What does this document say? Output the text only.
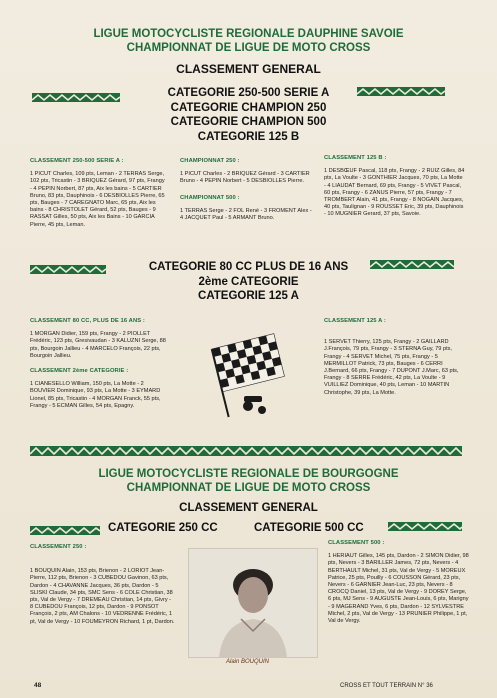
LIGUE MOTOCYCLISTE REGIONALE DAUPHINE SAVOIE
CHAMPIONNAT DE LIGUE DE MOTO CROSS
CLASSEMENT GENERAL
CATEGORIE 250-500 SERIE A
CATEGORIE CHAMPION 250
CATEGORIE CHAMPION 500
CATEGORIE 125 B
CLASSEMENT 250-500 SERIE A :

1 PICUT Charles, 109 pts, Leman - 2 TERRAS Serge, 102 pts, Tricastin - 3 BRIQUEZ Gérard, 97 pts, Frangy - 4 PEPIN Norbert, 87 pts, Aix les bains - 5 CARTIER Bruno, 83 pts, Dauphinois - 6 DESBIOLLES Pierre, 65 pts, Bauges - 7 CAREGNATO Marc, 65 pts, Aix les bains - 8 CHRISTOLET Gérard, 52 pts, Bauges - 9 RASSAT Gilles, 50 pts, Aix les Bains - 10 GARCIA Pierre, 45 pts, Leman.

CHAMPIONNAT 250 :

1 PICUT Charles - 2 BRIQUEZ Gérard - 3 CARTIER Bruno - 4 PEPIN Norbert - 5 DESBIOLLES Pierre.

CHAMPIONNAT 500 :

1 TERRAS Serge - 2 FOL René - 3 FROMENT Alex - 4 JACQUET Paul - 5 ARMANT Bruno.

CLASSEMENT 125 B :

1 DESBŒUF Pascal, 118 pts, Frangy - 2 RUIZ Gilles, 84 pts, La Voulte - 3 GONTHIER Jacques, 70 pts, La Motte - 4 LIAUDAT Bernard, 69 pts, Frangy - 5 VIVET Pascal, 60 pts, Frangy - 6 ZANUS Pierre, 57 pts, Frangy - 7 TROMBERT Alain, 41 pts, Frangy - 8 NOGAIN Jacques, 40 pts, Taulignan - 9 ROUSSET Eric, 39 pts, Dauphinois - 10 MUGNIER Gerard, 37 pts, Savoie.

CATEGORIE 80 CC PLUS DE 16 ANS
2ème CATEGORIE
CATEGORIE 125 A
CLASSEMENT 80 CC, PLUS DE 16 ANS :

1 MORGAN Didier, 159 pts, Frangy - 2 PIOLLET Frédéric, 123 pts, Gresivaudan - 3 KALUZNI Serge, 88 pts, Bourgoin Jallieu - 4 MARCELO François, 22 pts, Bourgoin Jallieu.

CLASSEMENT 2ème CATEGORIE :

1 CIANESELLO William, 150 pts, La Motte - 2 BOUVIER Dominique, 93 pts, La Motte - 3 EYMARD Lionel, 85 pts, Tricastin - 4 MORGAN Franck, 55 pts, Frangy - 5 ECMAN Gilles, 54 pts, Epagny.

CLASSEMENT 125 A :

1 SERVET Thierry, 125 pts, Frangy - 2 GAILLARD J.François, 79 pts, Frangy - 3 STERNA Guy, 79 pts, Frangy - 4 SERVET Michel, 75 pts, Frangy - 5 MERMILLOT Patrick, 73 pts, Bauges - 6 CERRI J.Bernard, 66 pts, Frangy - 7 DUPONT J.Marc, 63 pts, Frangy - 8 SERRE Frédéric, 42 pts, La Voulte - 9 VUILLIEZ Dominique, 40 pts, Leman - 10 MARTIN Christophe, 39 pts, La Motte.

LIGUE MOTOCYCLISTE REGIONALE DE BOURGOGNE
CHAMPIONNAT DE LIGUE DE MOTO CROSS
CLASSEMENT GENERAL
CATEGORIE 250 CC	CATEGORIE 500 CC
CLASSEMENT 250 :

1 BOUQUIN Alain, 153 pts, Brienon - 2 LORIOT Jean-Pierre, 112 pts, Brienon - 3 CUBEDOU Gavinon, 63 pts, Dardon - 4 CHAVANNE Jacques, 36 pts, Dardon - 5 SLISKI Claude, 34 pts, SMC Sens - 6 COLE Christian, 38 pts, Val de Vergy - 7 DREMEAU Christian, 14 pts, Givry - 8 CUBEDOU François, 12 pts, Dardon - 9 PONSOT François, 2 pts, AM Chalons - 10 VEDRENNE Frédéric, 1 pt, Val de Vergy - 10 FOUMEYRON Richard, 1 pt, Dardon.

Alain BOUQUIN
CLASSEMENT 500 :

1 HERIAUT Gilles, 145 pts, Dardon - 2 SIMON Didier, 98 pts, Nevers - 3 BARILLER James, 72 pts, Nevers - 4 BERTHAULT Michel, 31 pts, Val de Vergy - 5 MOREUX Patrice, 25 pts, Pouilly - 6 COUSSON Gérard, 23 pts, Nevers - 6 GARNIER Jean-Luc, 23 pts, Nevers - 8 CROCQ Daniel, 13 pts, Val de Vergy - 9 DOREY Serge, 6 pts, MJ Sens - 9 AUGUSTE Jean-Louis, 6 pts, Marigny - 9 MAGERAND Yves, 6 pts, Dardon - 12 SYLVESTRE Michel, 2 pts, Val de Vergy - 13 PRUNIER Philippe, 1 pt, Val de Vergy.

48	CROSS ET TOUT TERRAIN N° 36
